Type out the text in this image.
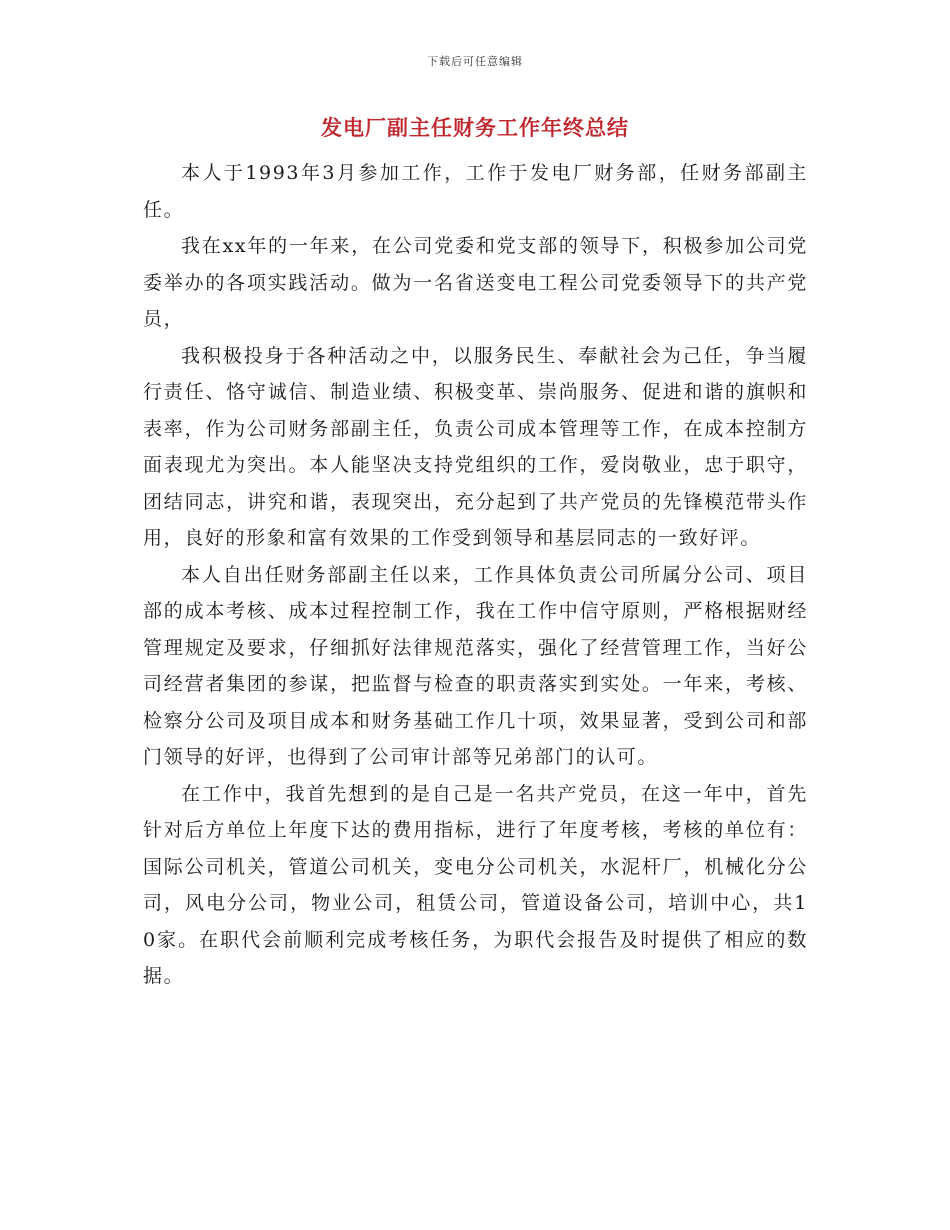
下载后可任意编辑
发电厂副主任财务工作年终总结

本人于1993年3月参加工作，工作于发电厂财务部，任财务部副主任。

我在xx年的一年来，在公司党委和党支部的领导下，积极参加公司党委举办的各项实践活动。做为一名省送变电工程公司党委领导下的共产党员，

我积极投身于各种活动之中，以服务民生、奉献社会为己任，争当履行责任、恪守诚信、制造业绩、积极变革、崇尚服务、促进和谐的旗帜和表率，作为公司财务部副主任，负责公司成本管理等工作，在成本控制方面表现尤为突出。本人能坚决支持党组织的工作，爱岗敬业，忠于职守，团结同志，讲究和谐，表现突出，充分起到了共产党员的先锋模范带头作用，良好的形象和富有效果的工作受到领导和基层同志的一致好评。

本人自出任财务部副主任以来，工作具体负责公司所属分公司、项目部的成本考核、成本过程控制工作，我在工作中信守原则，严格根据财经管理规定及要求，仔细抓好法律规范落实，强化了经营管理工作，当好公司经营者集团的参谋，把监督与检查的职责落实到实处。一年来，考核、检察分公司及项目成本和财务基础工作几十项，效果显著，受到公司和部门领导的好评，也得到了公司审计部等兄弟部门的认可。

在工作中，我首先想到的是自己是一名共产党员，在这一年中，首先针对后方单位上年度下达的费用指标，进行了年度考核，考核的单位有：国际公司机关，管道公司机关，变电分公司机关，水泥杆厂，机械化分公司，风电分公司，物业公司，租赁公司，管道设备公司，培训中心，共10家。在职代会前顺利完成考核任务，为职代会报告及时提供了相应的数据。
